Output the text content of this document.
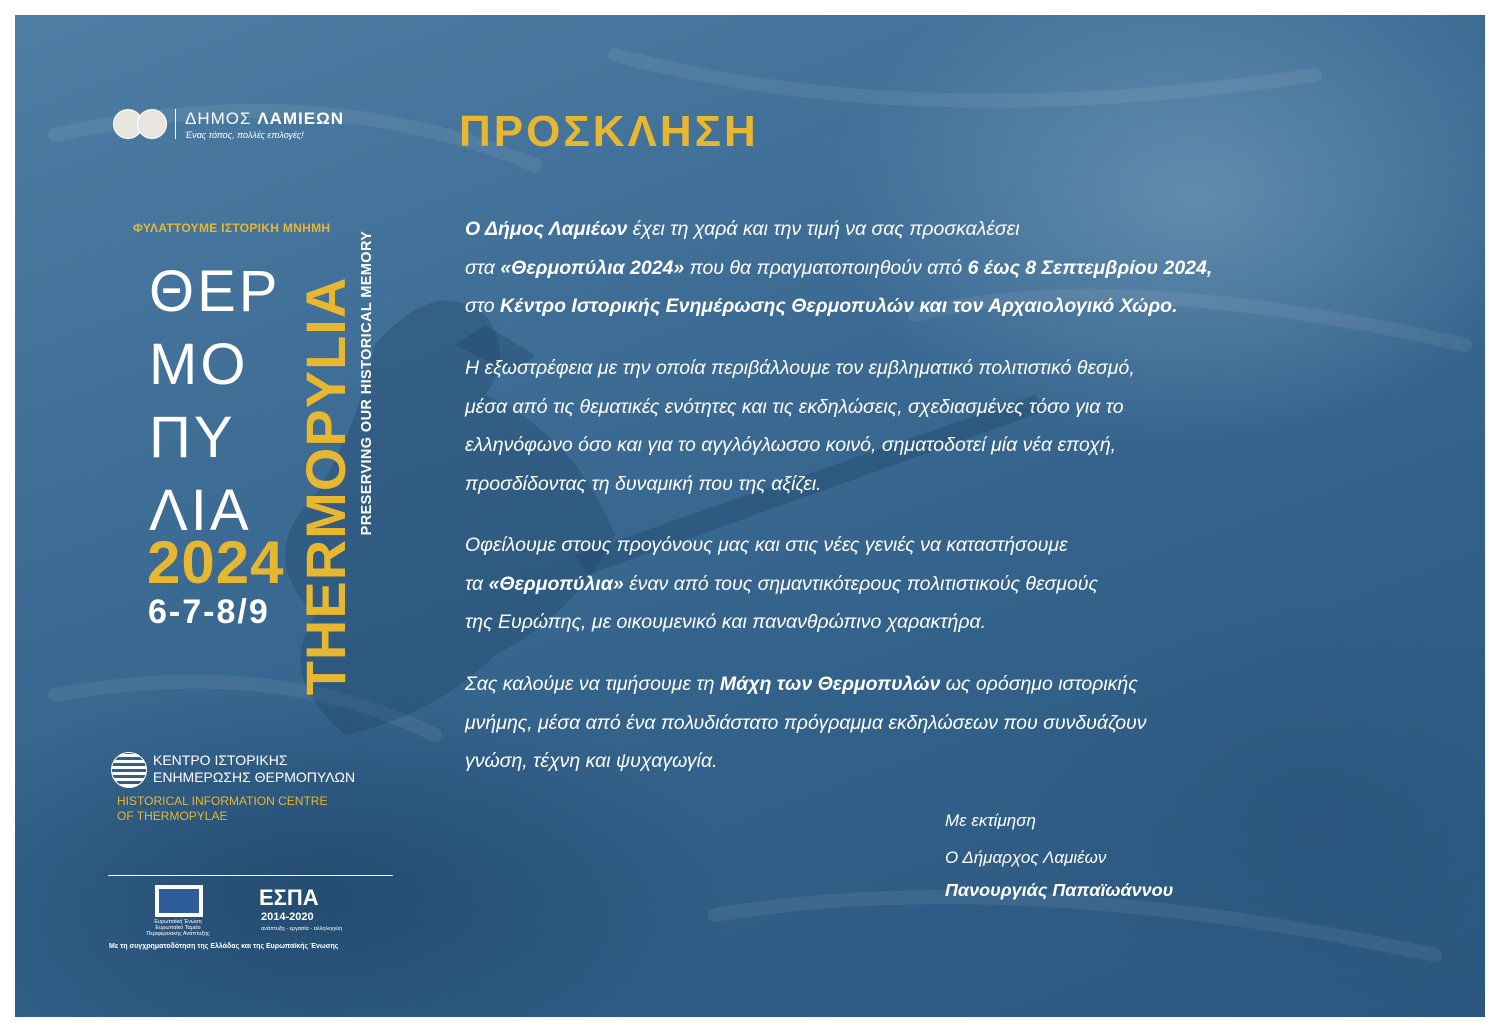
ΔΗΜΟΣ ΛΑΜΙΕΩΝ
Ένας τόπος, πολλές επιλογές!
ΦΥΛΑΤΤΟΥΜΕ ΙΣΤΟΡΙΚΗ ΜΝΗΜΗ
ΘΕΡ
ΜΟ
ΠΥ
ΛΙΑ
2024
6-7-8/9 THERMOPYLIA PRESERVING OUR HISTORICAL MEMORY
ΚΕΝΤΡΟ ΙΣΤΟΡΙΚΗΣ
ΕΝΗΜΕΡΩΣΗΣ ΘΕΡΜΟΠΥΛΩΝ
HISTORICAL INFORMATION CENTRE
OF THERMOPYLAE
Ευρωπαϊκή Ένωση
Ευρωπαϊκό Ταμείο
Περιφερειακής Ανάπτυξης
ΕΣΠΑ
2014-2020
ανάπτυξη - εργασία - αλληλεγγύη
Με τη συγχρηματοδότηση της Ελλάδας και της Ευρωπαϊκής Ένωσης
ΠΡΟΣΚΛΗΣΗ
Ο Δήμος Λαμιέων έχει τη χαρά και την τιμή να σας προσκαλέσει
στα «Θερμοπύλια 2024» που θα πραγματοποιηθούν από 6 έως 8 Σεπτεμβρίου 2024,
στο Κέντρο Ιστορικής Ενημέρωσης Θερμοπυλών και τον Αρχαιολογικό Χώρο.
Η εξωστρέφεια με την οποία περιβάλλουμε τον εμβληματικό πολιτιστικό θεσμό,
μέσα από τις θεματικές ενότητες και τις εκδηλώσεις, σχεδιασμένες τόσο για το
ελληνόφωνο όσο και για το αγγλόγλωσσο κοινό, σηματοδοτεί μία νέα εποχή,
προσδίδοντας τη δυναμική που της αξίζει.
Οφείλουμε στους προγόνους μας και στις νέες γενιές να καταστήσουμε
τα «Θερμοπύλια» έναν από τους σημαντικότερους πολιτιστικούς θεσμούς
της Ευρώπης, με οικουμενικό και πανανθρώπινο χαρακτήρα.
Σας καλούμε να τιμήσουμε τη Μάχη των Θερμοπυλών ως ορόσημο ιστορικής
μνήμης, μέσα από ένα πολυδιάστατο πρόγραμμα εκδηλώσεων που συνδυάζουν
γνώση, τέχνη και ψυχαγωγία.
Με εκτίμηση
Ο Δήμαρχος Λαμιέων
Πανουργιάς Παπαϊωάννου
